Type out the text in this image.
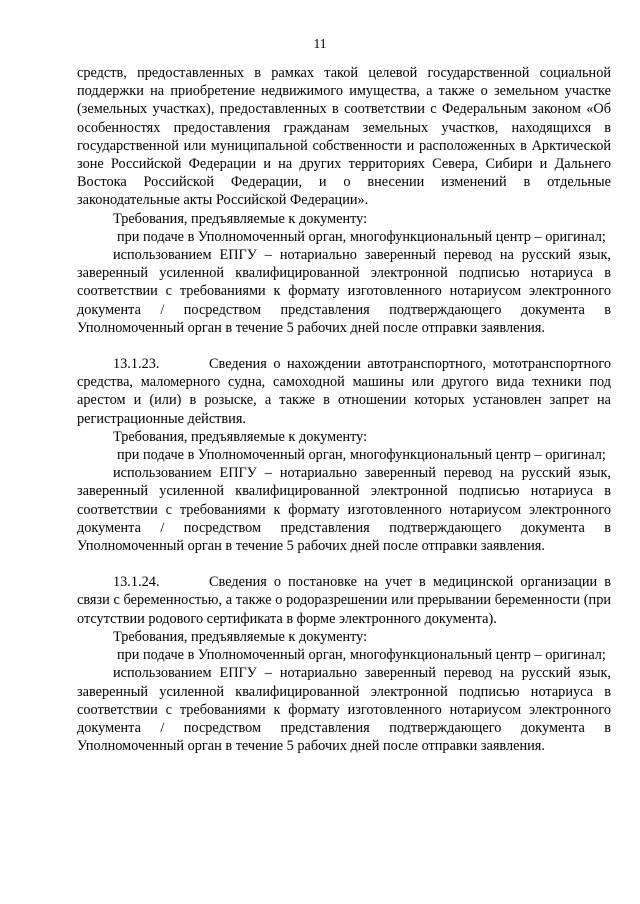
11

средств, предоставленных в рамках такой целевой государственной социальной поддержки на приобретение недвижимого имущества, а также о земельном участке (земельных участках), предоставленных в соответствии с Федеральным законом «Об особенностях предоставления гражданам земельных участков, находящихся в государственной или муниципальной собственности и расположенных в Арктической зоне Российской Федерации и на других территориях Севера, Сибири и Дальнего Востока Российской Федерации, и о внесении изменений в отдельные законодательные акты Российской Федерации».

Требования, предъявляемые к документу:

при подаче в Уполномоченный орган, многофункциональный центр – оригинал;

использованием ЕПГУ – нотариально заверенный перевод на русский язык, заверенный усиленной квалифицированной электронной подписью нотариуса в соответствии с требованиями к формату изготовленного нотариусом электронного документа / посредством представления подтверждающего документа в Уполномоченный орган в течение 5 рабочих дней после отправки заявления.

13.1.23.	Сведения о нахождении автотранспортного, мототранспортного средства, маломерного судна, самоходной машины или другого вида техники под арестом и (или) в розыске, а также в отношении которых установлен запрет на регистрационные действия.

Требования, предъявляемые к документу:

при подаче в Уполномоченный орган, многофункциональный центр – оригинал;

использованием ЕПГУ – нотариально заверенный перевод на русский язык, заверенный усиленной квалифицированной электронной подписью нотариуса в соответствии с требованиями к формату изготовленного нотариусом электронного документа / посредством представления подтверждающего документа в Уполномоченный орган в течение 5 рабочих дней после отправки заявления.

13.1.24.	Сведения о постановке на учет в медицинской организации в связи с беременностью, а также о родоразрешении или прерывании беременности (при отсутствии родового сертификата в форме электронного документа).

Требования, предъявляемые к документу:

при подаче в Уполномоченный орган, многофункциональный центр – оригинал;

использованием ЕПГУ – нотариально заверенный перевод на русский язык, заверенный усиленной квалифицированной электронной подписью нотариуса в соответствии с требованиями к формату изготовленного нотариусом электронного документа / посредством представления подтверждающего документа в Уполномоченный орган в течение 5 рабочих дней после отправки заявления.
